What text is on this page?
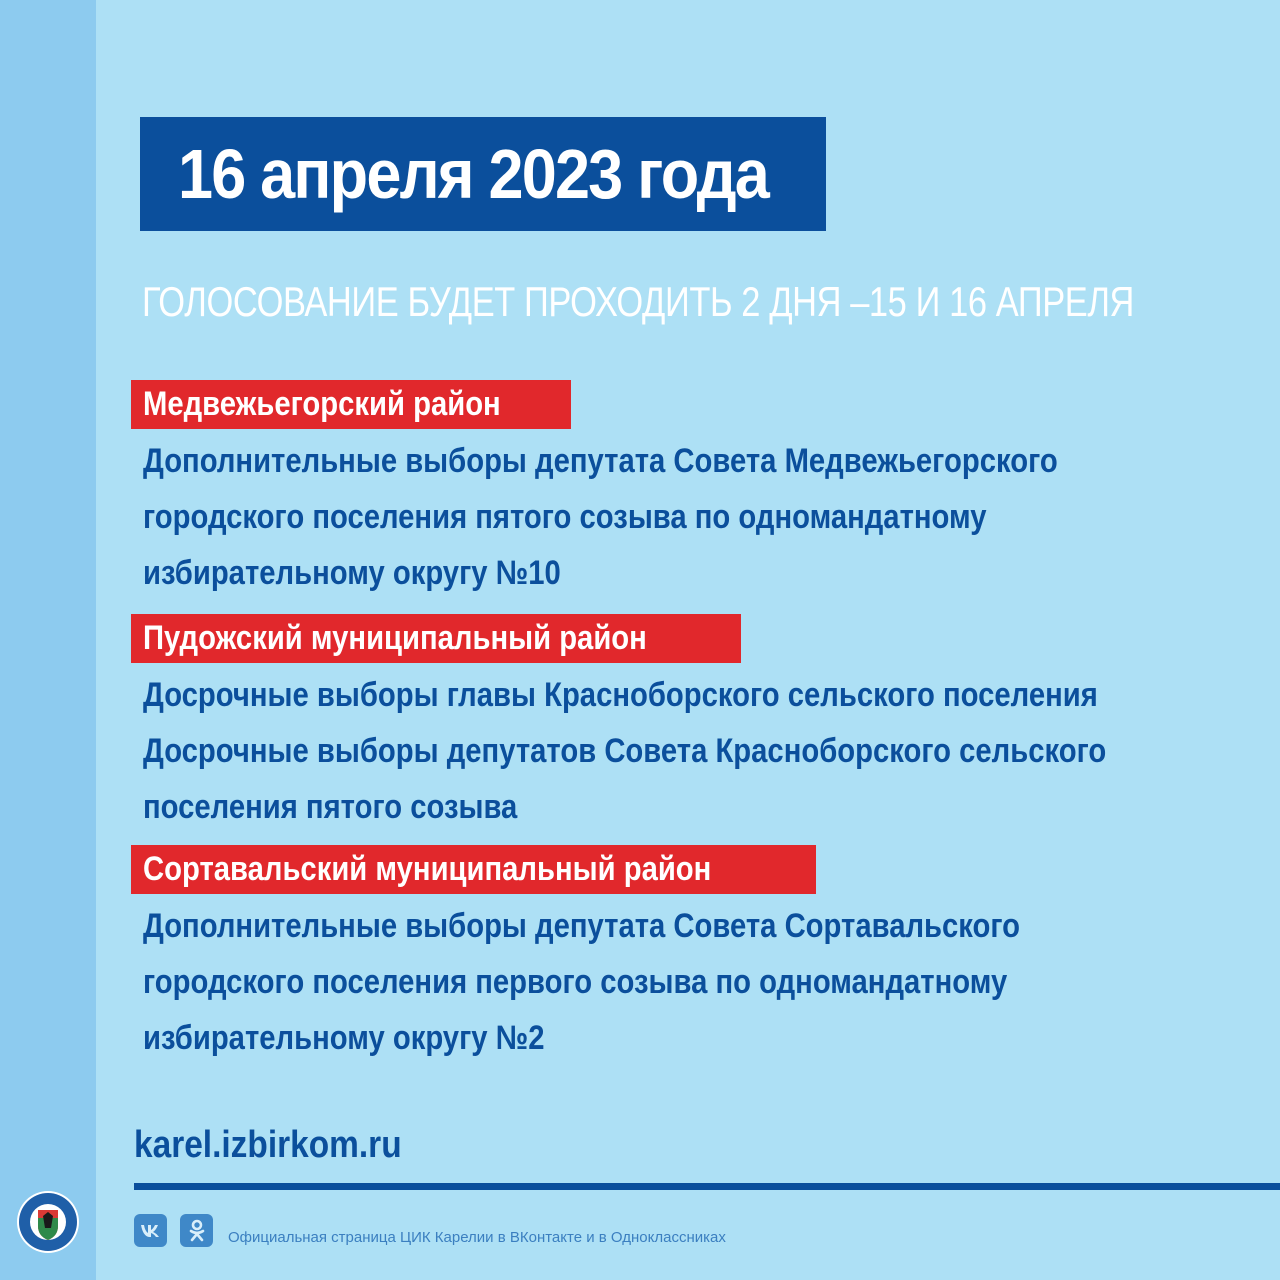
16 апреля 2023 года
ГОЛОСОВАНИЕ БУДЕТ ПРОХОДИТЬ 2 ДНЯ –15 И 16 АПРЕЛЯ
Медвежьегорский район
Дополнительные выборы депутата Совета Медвежьегорского
городского поселения пятого созыва по одномандатному
избирательному округу №10
Пудожский муниципальный район
Досрочные выборы главы Красноборского сельского поселения
Досрочные выборы депутатов Совета Красноборского сельского
поселения пятого созыва
Сортавальский муниципальный район
Дополнительные выборы депутата Совета Сортавальского
городского поселения первого созыва по одномандатному
избирательному округу №2
karel.izbirkom.ru
Официальная страница ЦИК Карелии в ВКонтакте и в Одноклассниках
